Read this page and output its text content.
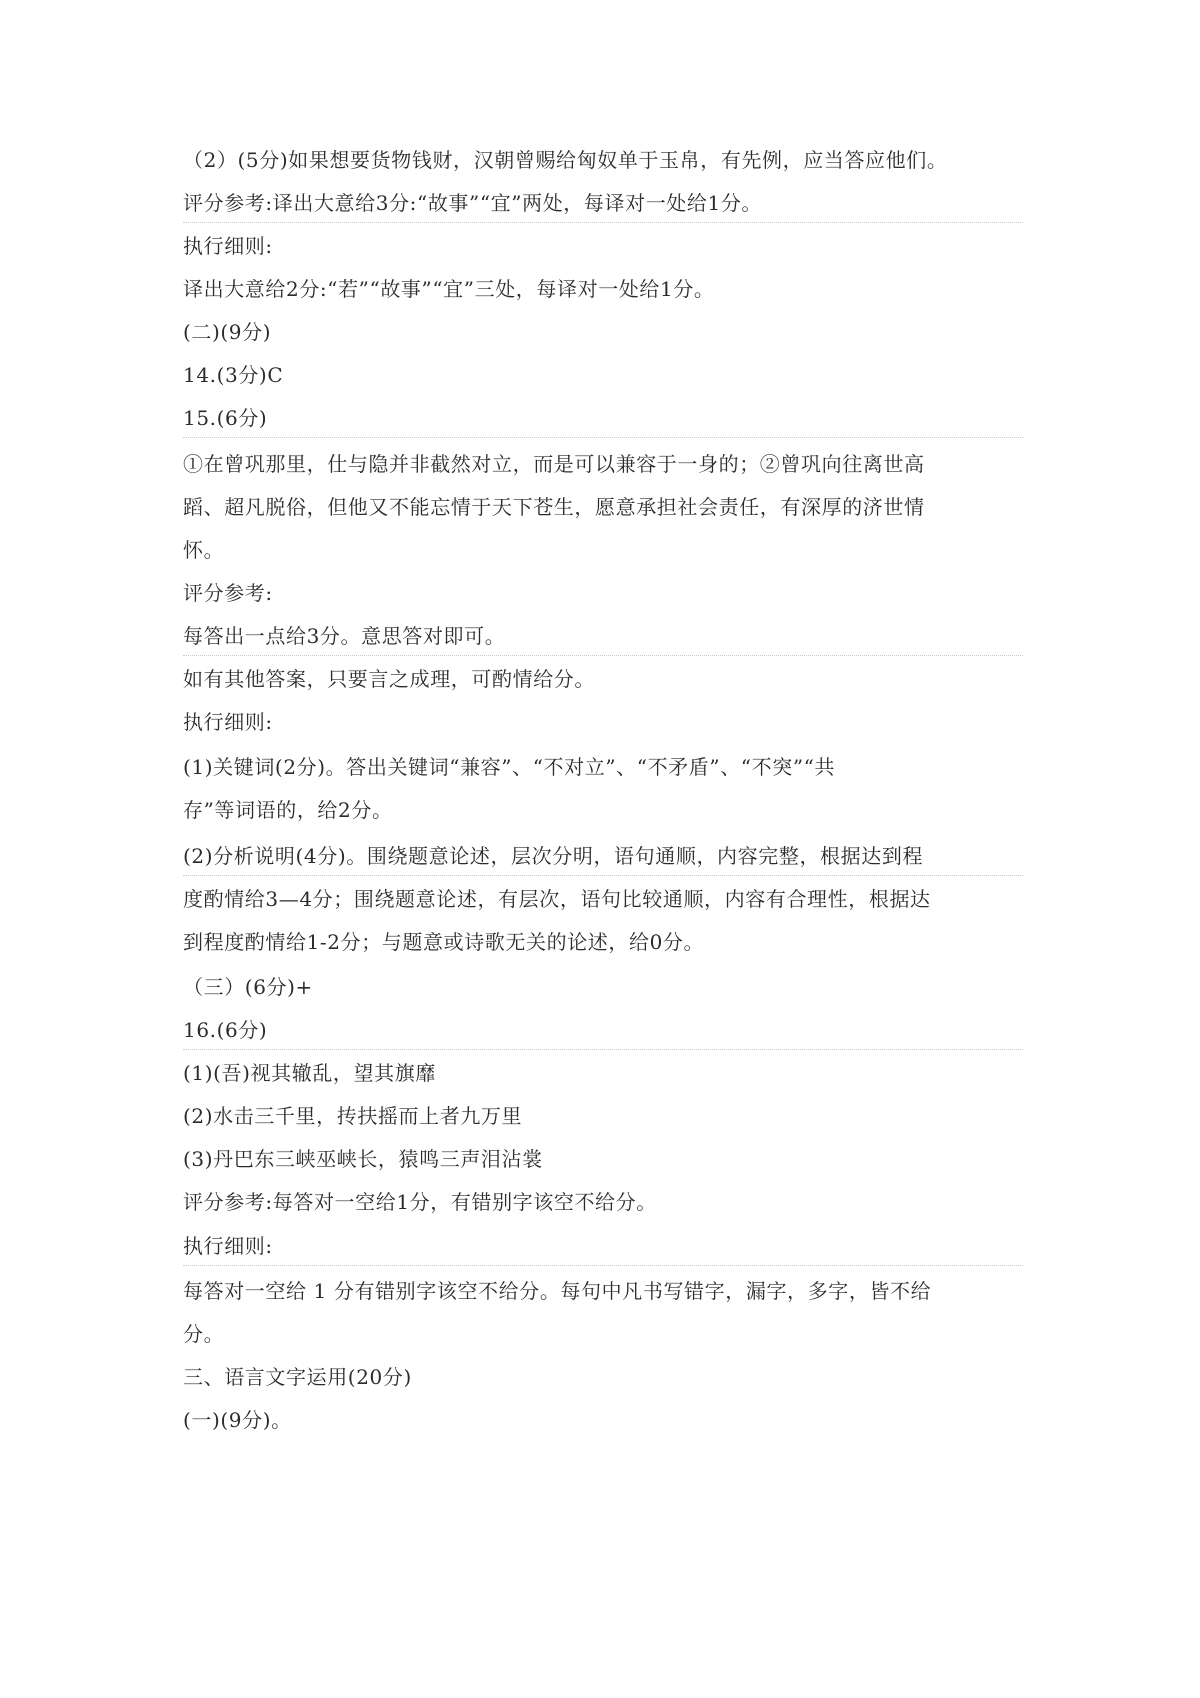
（2）(5分)如果想要货物钱财，汉朝曾赐给匈奴单于玉帛，有先例，应当答应他们。
评分参考:译出大意给3分:“故事”“宜”两处，每译对一处给1分。
执行细则:
译出大意给2分:“若”“故事”“宜”三处，每译对一处给1分。
(二)(9分)
14.(3分)C
15.(6分)
①在曾巩那里，仕与隐并非截然对立，而是可以兼容于一身的；②曾巩向往离世高
蹈、超凡脱俗，但他又不能忘情于天下苍生，愿意承担社会责任，有深厚的济世情
怀。
评分参考:
每答出一点给3分。意思答对即可。
如有其他答案，只要言之成理，可酌情给分。
执行细则:
(1)关键词(2分)。答出关键词“兼容”、“不对立”、“不矛盾”、“不突”“共
存”等词语的，给2分。
(2)分析说明(4分)。围绕题意论述，层次分明，语句通顺，内容完整，根据达到程
度酌情给3—4分；围绕题意论述，有层次，语句比较通顺，内容有合理性，根据达
到程度酌情给1-2分；与题意或诗歌无关的论述，给0分。
（三）(6分)+
16.(6分)
(1)(吾)视其辙乱，望其旗靡
(2)水击三千里，抟扶摇而上者九万里
(3)丹巴东三峡巫峡长，猿鸣三声泪沾裳
评分参考:每答对一空给1分，有错别字该空不给分。
执行细则:
每答对一空给 1 分有错别字该空不给分。每句中凡书写错字，漏字，多字，皆不给
分。
三、语言文字运用(20分)
(一)(9分)。
